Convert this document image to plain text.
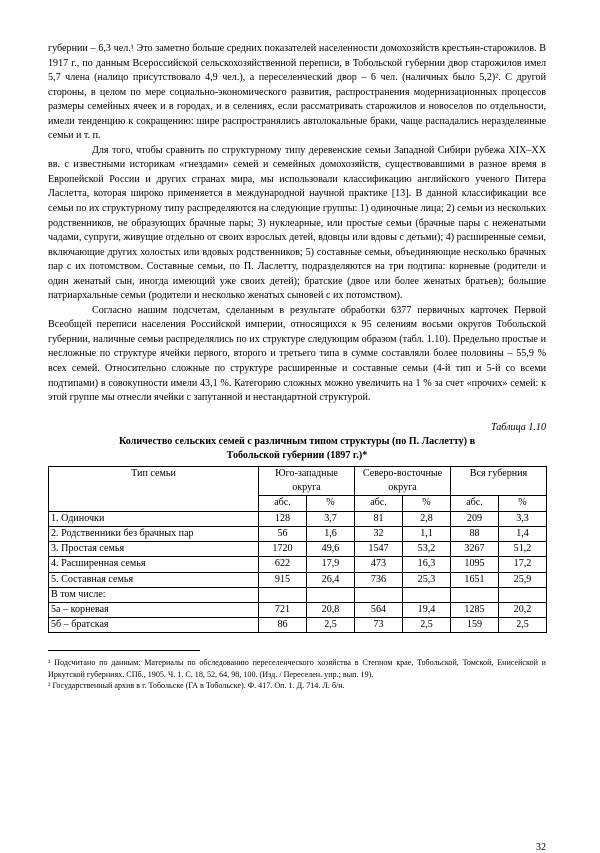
губернии – 6,3 чел.¹ Это заметно больше средних показателей населенности домохозяйств крестьян-старожилов. В 1917 г., по данным Всероссийской сельскохозяйственной переписи, в Тобольской губернии двор старожилов имел 5,7 члена (налицо присутствовало 4,9 чел.), а переселенческий двор – 6 чел. (наличных было 5,2)². С другой стороны, в целом по мере социально-экономического развития, распространения модернизационных процессов размеры семейных ячеек и в городах, и в селениях, если рассматривать старожилов и новоселов по отдельности, имели тенденцию к сокращению: шире распространялись автолокальные браки, чаще распадались неразделенные семьи и т. п.

Для того, чтобы сравнить по структурному типу деревенские семьи Западной Сибири рубежа XIX–XX вв. с известными историкам «гнездами» семей и семейных домохозяйств, существовавшими в разное время в Европейской России и других странах мира, мы использовали классификацию английского ученого Питера Ласлетта, которая широко применяется в международной научной практике [13]. В данной классификации все семьи по их структурному типу распределяются на следующие группы: 1) одиночные лица; 2) семьи из нескольких родственников, не образующих брачные пары; 3) нуклеарные, или простые семьи (брачные пары с неженатыми чадами, супруги, живущие отдельно от своих взрослых детей, вдовцы или вдовы с детьми); 4) расширенные семьи, включающие других холостых или вдовых родственников; 5) составные семьи, объединяющие несколько брачных пар с их потомством. Составные семьи, по П. Ласлетту, подразделяются на три подтипа: корневые (родители и один женатый сын, иногда имеющий уже своих детей); братские (двое или более женатых братьев); большие патриархальные семьи (родители и несколько женатых сыновей с их потомством).

Согласно нашим подсчетам, сделанным в результате обработки 6377 первичных карточек Первой Всеобщей переписи населения Российской империи, относящихся к 95 селениям восьми округов Тобольской губернии, наличные семьи распределялись по их структуре следующим образом (табл. 1.10). Предельно простые и несложные по структуре ячейки первого, второго и третьего типа в сумме составляли более половины – 55,9 % всех семей. Относительно сложные по структуре расширенные и составные семьи (4-й тип и 5-й со всеми подтипами) в совокупности имели 43,1 %. Категорию сложных можно увеличить на 1 % за счет «прочих» семей: к этой группе мы отнесли ячейки с запутанной и нестандартной структурой.

Таблица 1.10

Количество сельских семей с различным типом структуры (по П. Ласлетту) в
Тобольской губернии (1897 г.)*

Тип семьи	Юго-западные округа		Северо-восточные округа		Вся губерния	
	абс.	%	абс.	%	абс.	%
1. Одиночки	128	3,7	81	2,8	209	3,3
2. Родственники без брачных пар	56	1,6	32	1,1	88	1,4
3. Простая семья	1720	49,6	1547	53,2	3267	51,2
4. Расширенная семья	622	17,9	473	16,3	1095	17,2
5. Составная семья	915	26,4	736	25,3	1651	25,9
В том числе:						
5а – корневая	721	20,8	564	19,4	1285	20,2
5б – братская	86	2,5	73	2,5	159	2,5

¹ Подсчитано по данным: Материалы по обследованию переселенческого хозяйства в Степном крае, Тобольской, Томской, Енисейской и Иркутской губерниях. СПб., 1905. Ч. 1. С. 18, 52, 64, 98, 100. (Изд. / Переселен. упр.; вып. 19).

² Государственный архив в г. Тобольске (ГА в Тобольске). Ф. 417. Оп. 1. Д. 714. Л. б/н.

32
